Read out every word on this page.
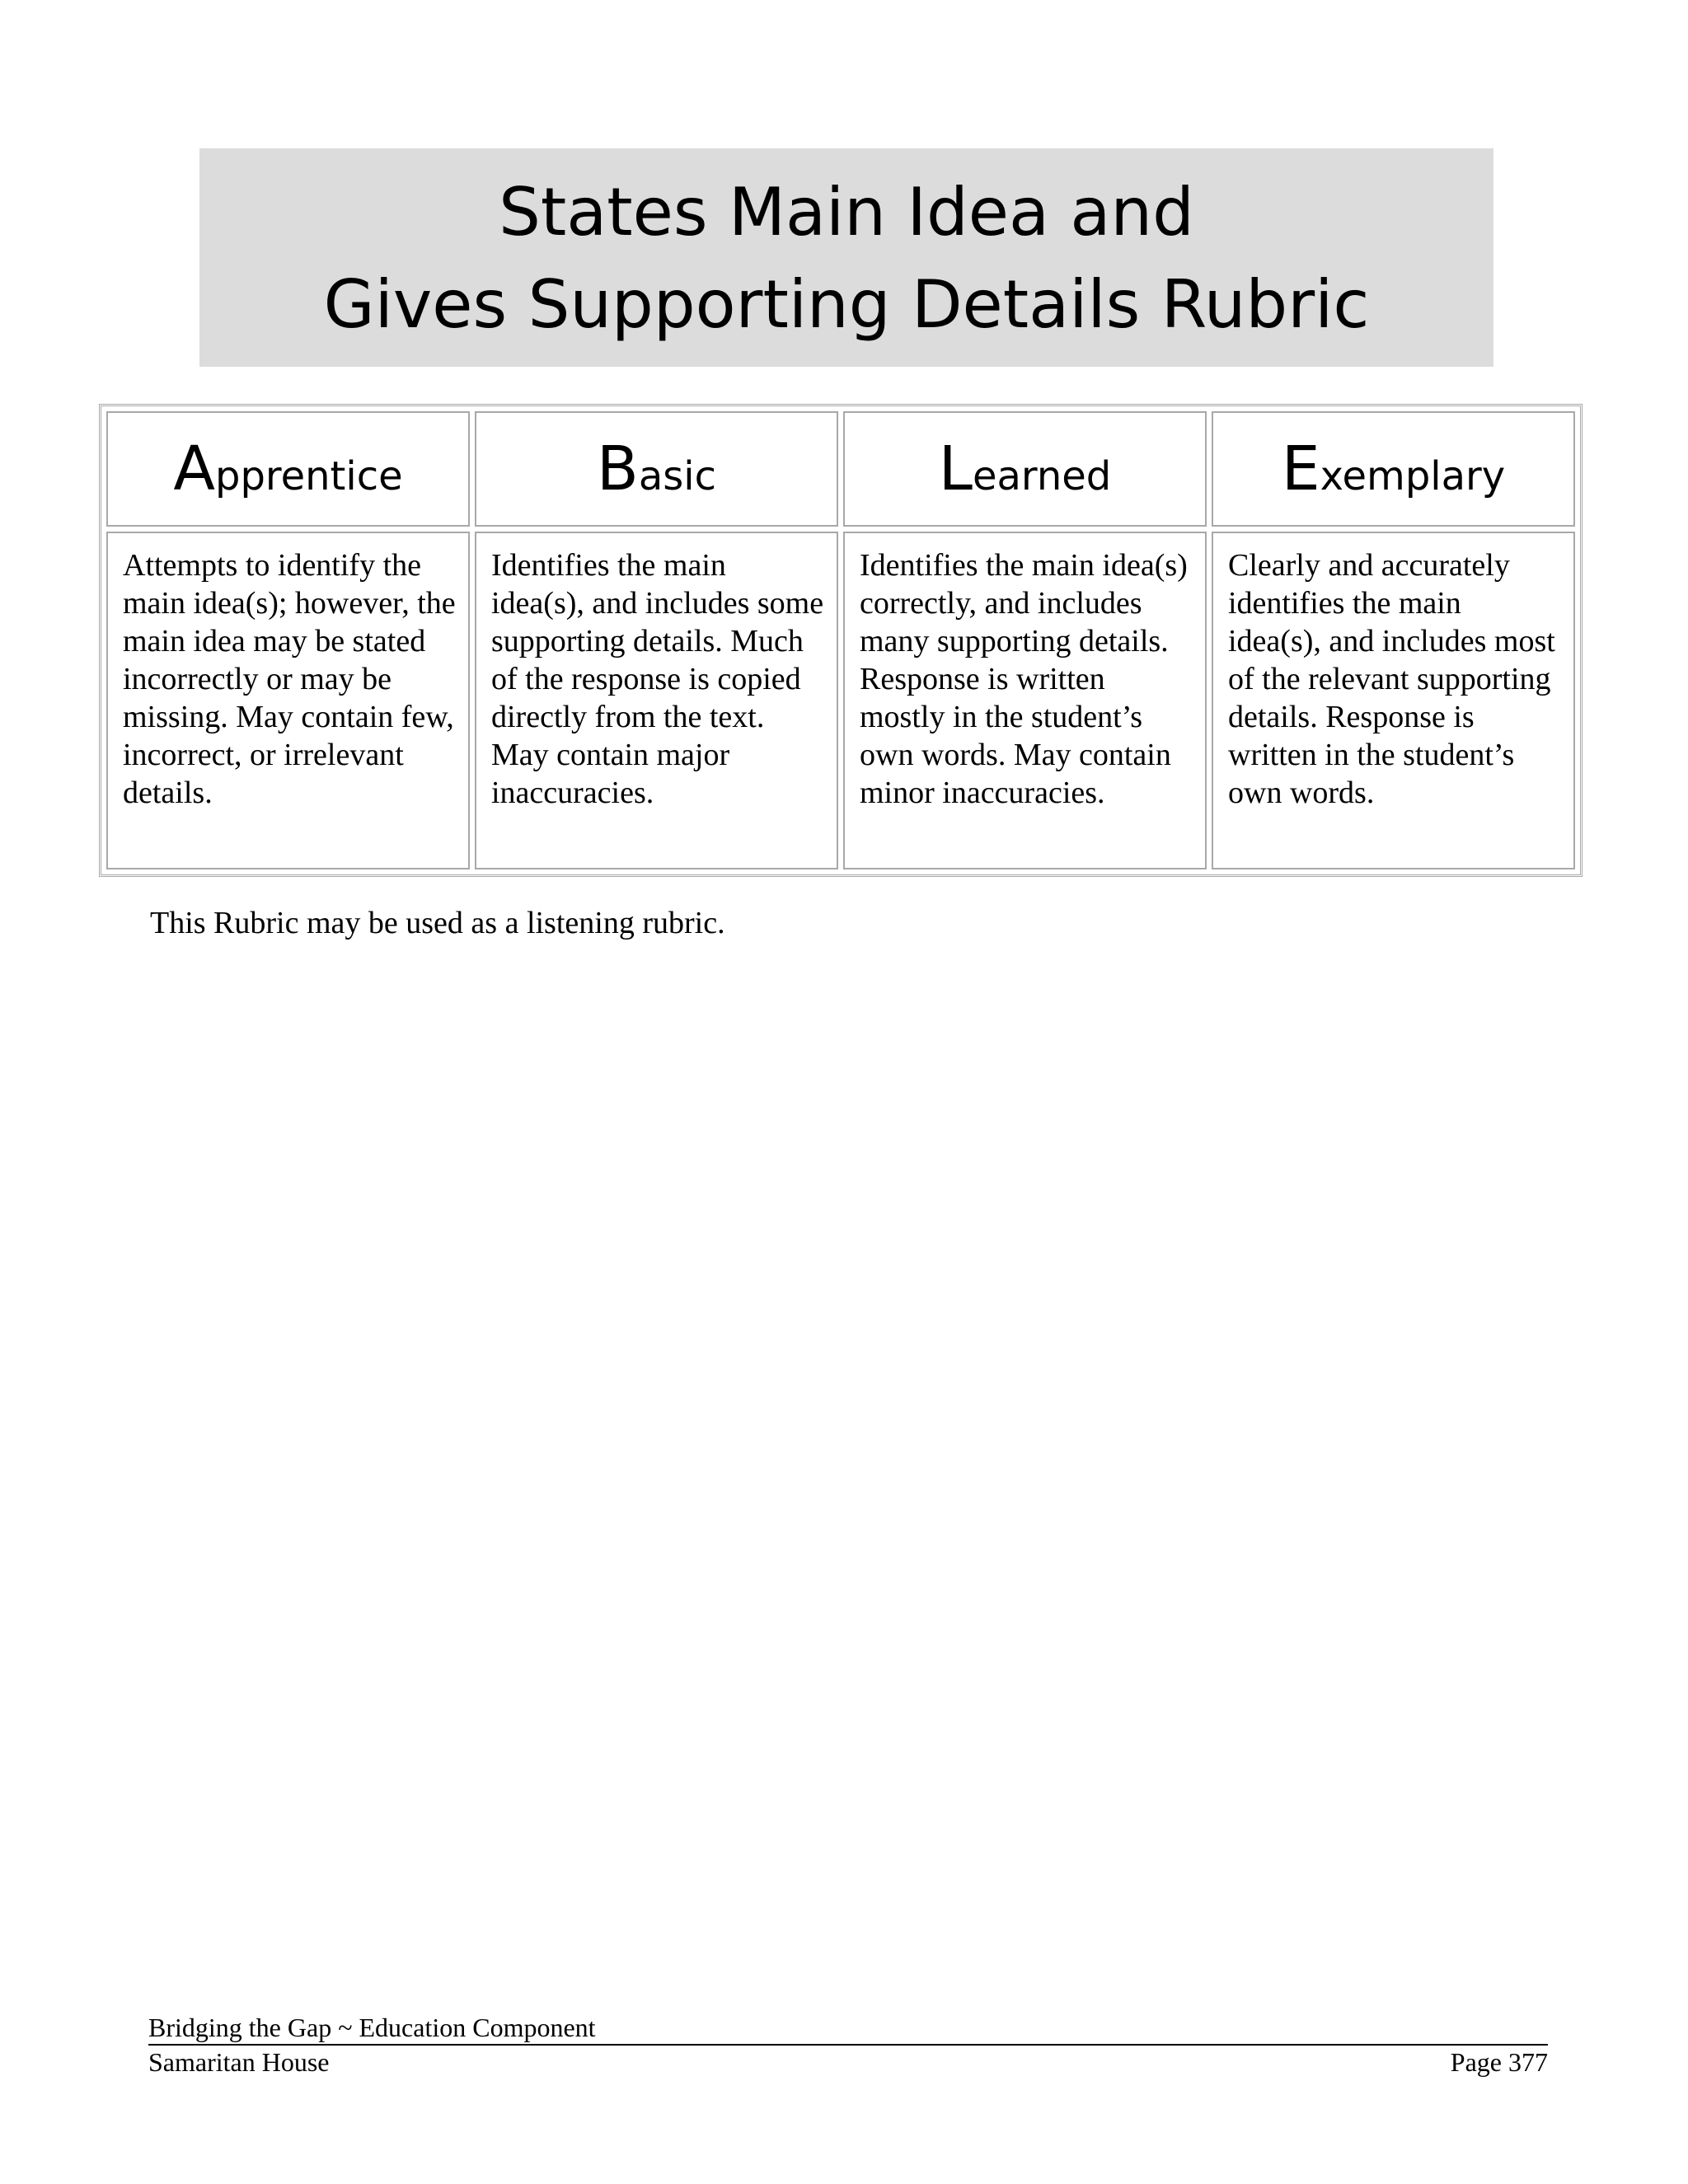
States Main Idea and
Gives Supporting Details Rubric
Apprentice	Basic	Learned	Exemplary
Attempts to identify the main idea(s); however, the main idea may be stated incorrectly or may be missing. May contain few, incorrect, or irrelevant details.	Identifies the main idea(s), and includes some supporting details. Much of the response is copied directly from the text. May contain major inaccuracies.	Identifies the main idea(s) correctly, and includes many supporting details. Response is written mostly in the student’s own words. May contain minor inaccuracies.	Clearly and accurately identifies the main idea(s), and includes most of the relevant supporting details. Response is written in the student’s own words.
This Rubric may be used as a listening rubric.
Bridging the Gap ~ Education Component
Samaritan House	Page 377
